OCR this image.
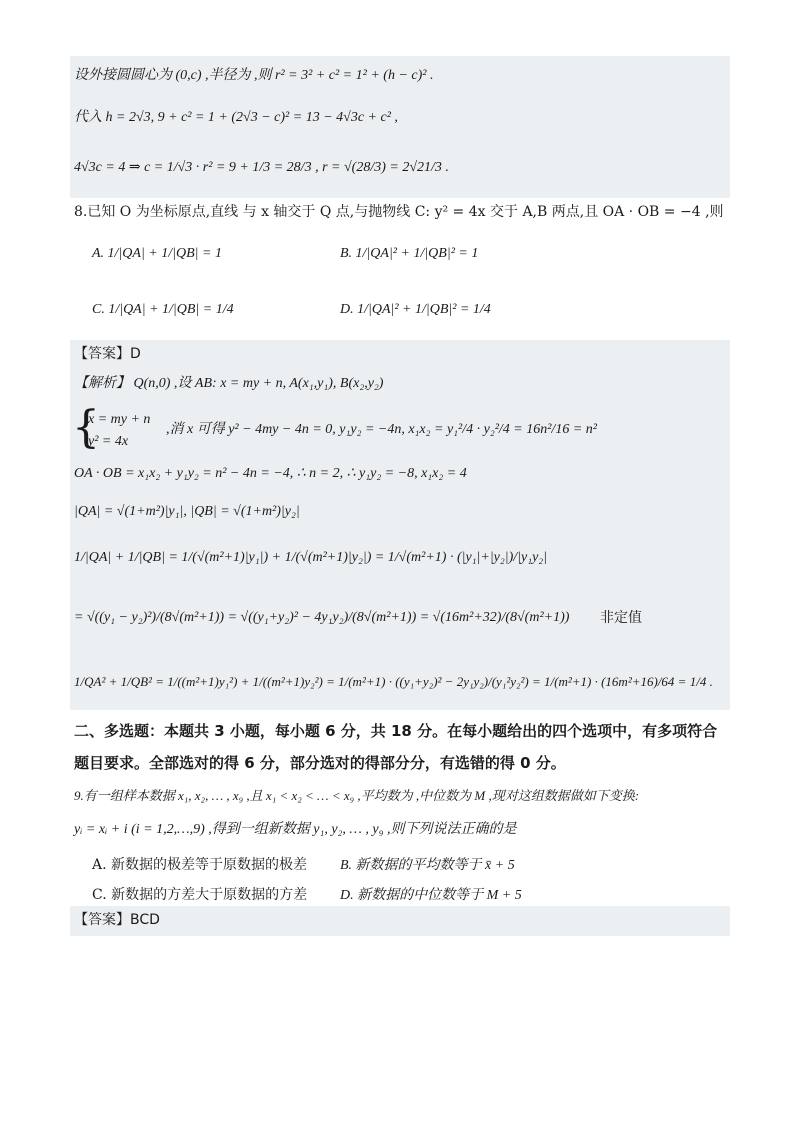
设外接圆圆心为 (0,c) ,半径为 ,则 r² = 3² + c² = 1² + (h − c)² .
代入 h = 2√3, 9 + c² = 1 + (2√3 − c)² = 13 − 4√3c + c² ,
4√3c = 4 ⇒ c = 1/√3 · r² = 9 + 1/3 = 28/3 , r = √(28/3) = 2√21/3 .
8.已知 O 为坐标原点,直线 与 x 轴交于 Q 点,与抛物线 C: y² = 4x 交于 A,B 两点,且 OA · OB = −4 ,则
A. 1/|QA| + 1/|QB| = 1	B. 1/|QA|² + 1/|QB|² = 1
C. 1/|QA| + 1/|QB| = 1/4	D. 1/|QA|² + 1/|QB|² = 1/4
【答案】D
【解析】 Q(n,0) ,设 AB: x = my + n, A(x₁,y₁), B(x₂,y₂)
{
x = my + n
y² = 4x
,消 x 可得 y² − 4my − 4n = 0, y₁y₂ = −4n, x₁x₂ = y₁²/4 · y₂²/4 = 16n²/16 = n²
OA · OB = x₁x₂ + y₁y₂ = n² − 4n = −4, ∴ n = 2, ∴ y₁y₂ = −8, x₁x₂ = 4
|QA| = √(1+m²)|y₁|, |QB| = √(1+m²)|y₂|
1/|QA| + 1/|QB| = 1/(√(m²+1)|y₁|) + 1/(√(m²+1)|y₂|) = 1/√(m²+1) · (|y₁|+|y₂|)/|y₁y₂|
= √((y₁ − y₂)²)/(8√(m²+1)) = √((y₁+y₂)² − 4y₁y₂)/(8√(m²+1)) = √(16m²+32)/(8√(m²+1)) 非定值
1/QA² + 1/QB² = 1/((m²+1)y₁²) + 1/((m²+1)y₂²) = 1/(m²+1) · ((y₁+y₂)² − 2y₁y₂)/(y₁²y₂²) = 1/(m²+1) · (16m²+16)/64 = 1/4 .
二、多选题：本题共 3 小题，每小题 6 分，共 18 分。在每小题给出的四个选项中，有多项符合
题目要求。全部选对的得 6 分，部分选对的得部分分，有选错的得 0 分。
9.有一组样本数据 x₁, x₂, … , x₉ ,且 x₁ < x₂ < … < x₉ ,平均数为 ,中位数为 M ,现对这组数据做如下变换:
yᵢ = xᵢ + i (i = 1,2,…,9) ,得到一组新数据 y₁, y₂, … , y₉ ,则下列说法正确的是
A. 新数据的极差等于原数据的极差 B. 新数据的平均数等于 x̄ + 5
C. 新数据的方差大于原数据的方差 D. 新数据的中位数等于 M + 5
【答案】BCD
